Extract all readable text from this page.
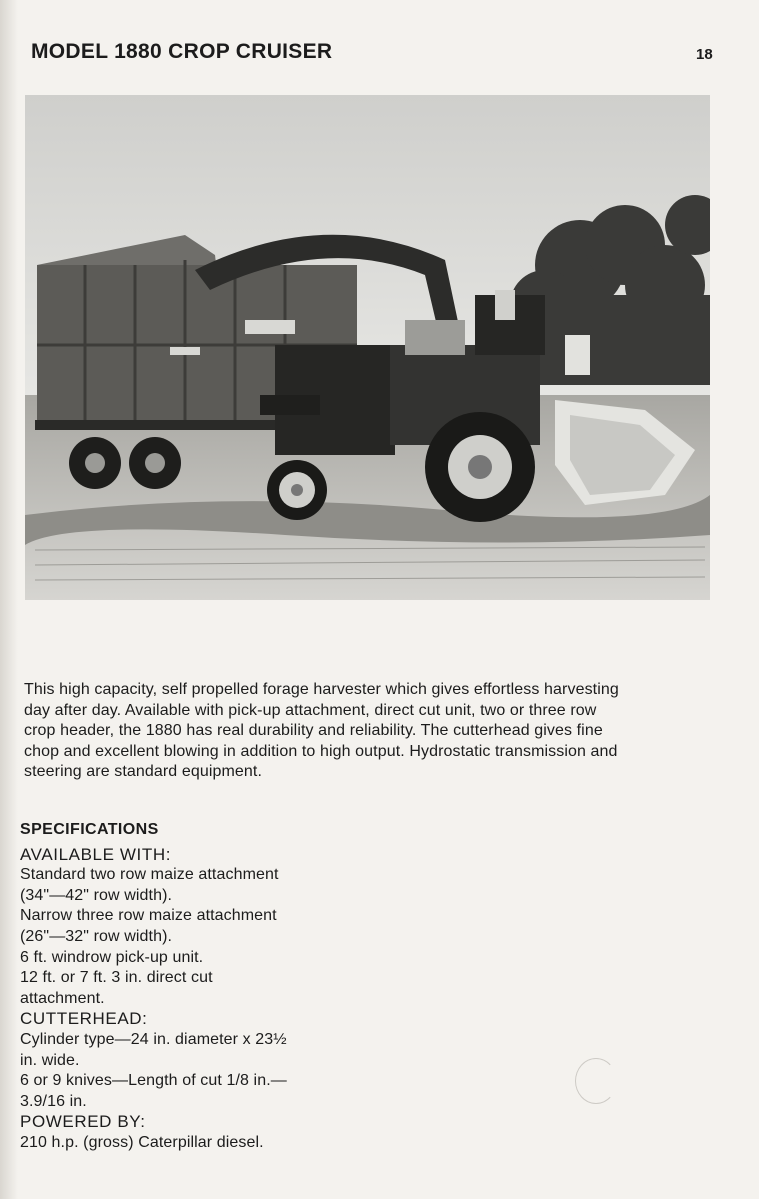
MODEL 1880 CROP CRUISER	18
This high capacity, self propelled forage harvester which gives effortless harvesting
day after day. Available with pick-up attachment, direct cut unit, two or three row
crop header, the 1880 has real durability and reliability. The cutterhead gives fine
chop and excellent blowing in addition to high output. Hydrostatic transmission and
steering are standard equipment.
SPECIFICATIONS
AVAILABLE WITH:
Standard two row maize attachment
(34"—42" row width).
Narrow three row maize attachment
(26"—32" row width).
6 ft. windrow pick-up unit.
12 ft. or 7 ft. 3 in. direct cut
attachment.
CUTTERHEAD:
Cylinder type—24 in. diameter x 23½
in. wide.
6 or 9 knives—Length of cut 1/8 in.—
3.9/16 in.
POWERED BY:
210 h.p. (gross) Caterpillar diesel.
